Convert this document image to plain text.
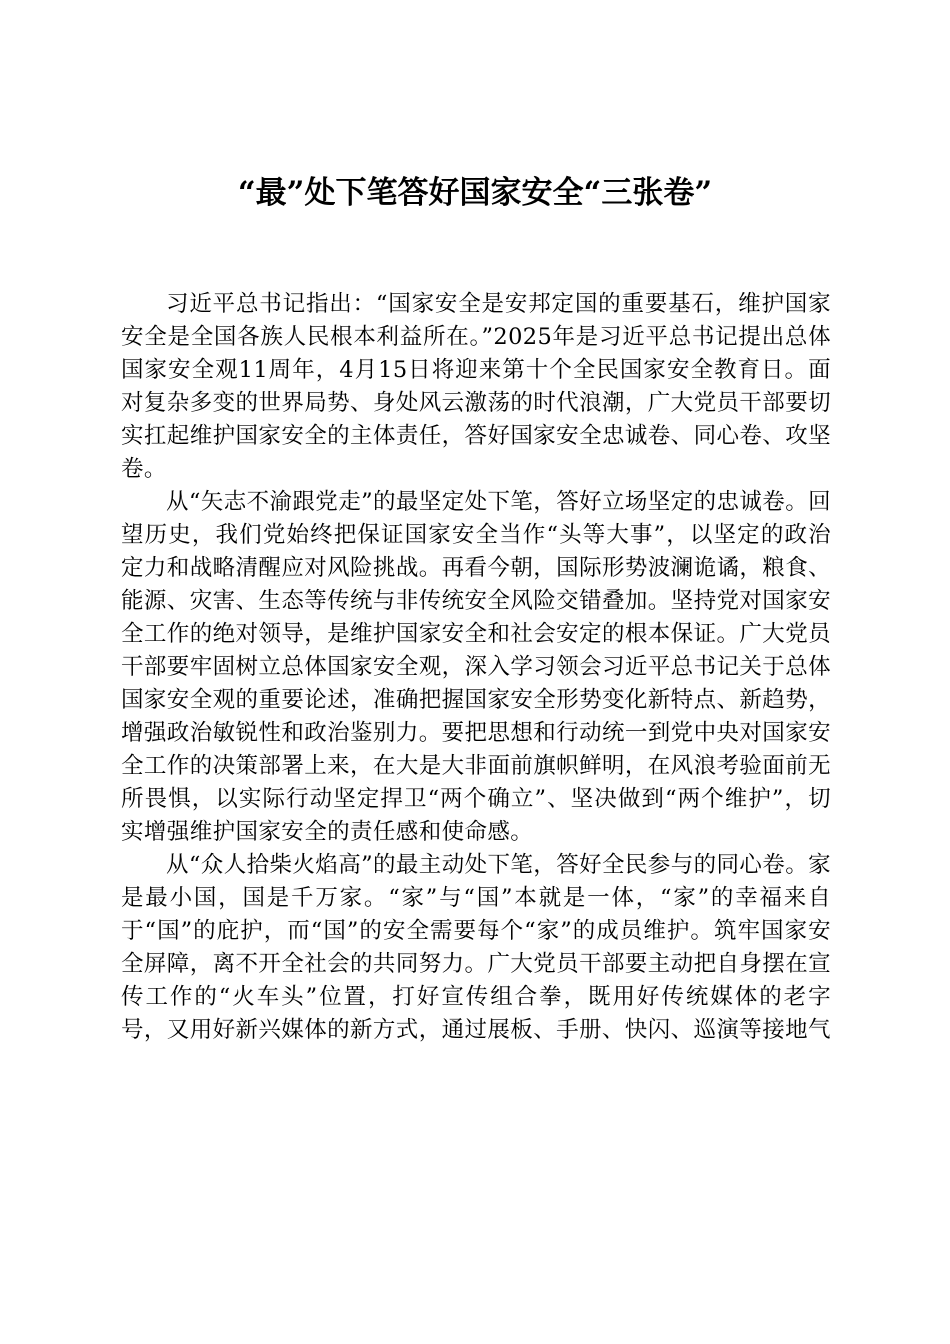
“最”处下笔答好国家安全“三张卷”

习近平总书记指出：“国家安全是安邦定国的重要基石，维护国家安全是全国各族人民根本利益所在。”2025年是习近平总书记提出总体国家安全观11周年，4月15日将迎来第十个全民国家安全教育日。面对复杂多变的世界局势、身处风云激荡的时代浪潮，广大党员干部要切实扛起维护国家安全的主体责任，答好国家安全忠诚卷、同心卷、攻坚卷。

从“矢志不渝跟党走”的最坚定处下笔，答好立场坚定的忠诚卷。回望历史，我们党始终把保证国家安全当作“头等大事”，以坚定的政治定力和战略清醒应对风险挑战。再看今朝，国际形势波澜诡谲，粮食、能源、灾害、生态等传统与非传统安全风险交错叠加。坚持党对国家安全工作的绝对领导，是维护国家安全和社会安定的根本保证。广大党员干部要牢固树立总体国家安全观，深入学习领会习近平总书记关于总体国家安全观的重要论述，准确把握国家安全形势变化新特点、新趋势，增强政治敏锐性和政治鉴别力。要把思想和行动统一到党中央对国家安全工作的决策部署上来，在大是大非面前旗帜鲜明，在风浪考验面前无所畏惧，以实际行动坚定捍卫“两个确立”、坚决做到“两个维护”，切实增强维护国家安全的责任感和使命感。

从“众人拾柴火焰高”的最主动处下笔，答好全民参与的同心卷。家是最小国，国是千万家。“家”与“国”本就是一体，“家”的幸福来自于“国”的庇护，而“国”的安全需要每个“家”的成员维护。筑牢国家安全屏障，离不开全社会的共同努力。广大党员干部要主动把自身摆在宣传工作的“火车头”位置，打好宣传组合拳，既用好传统媒体的老字号，又用好新兴媒体的新方式，通过展板、手册、快闪、巡演等接地气
